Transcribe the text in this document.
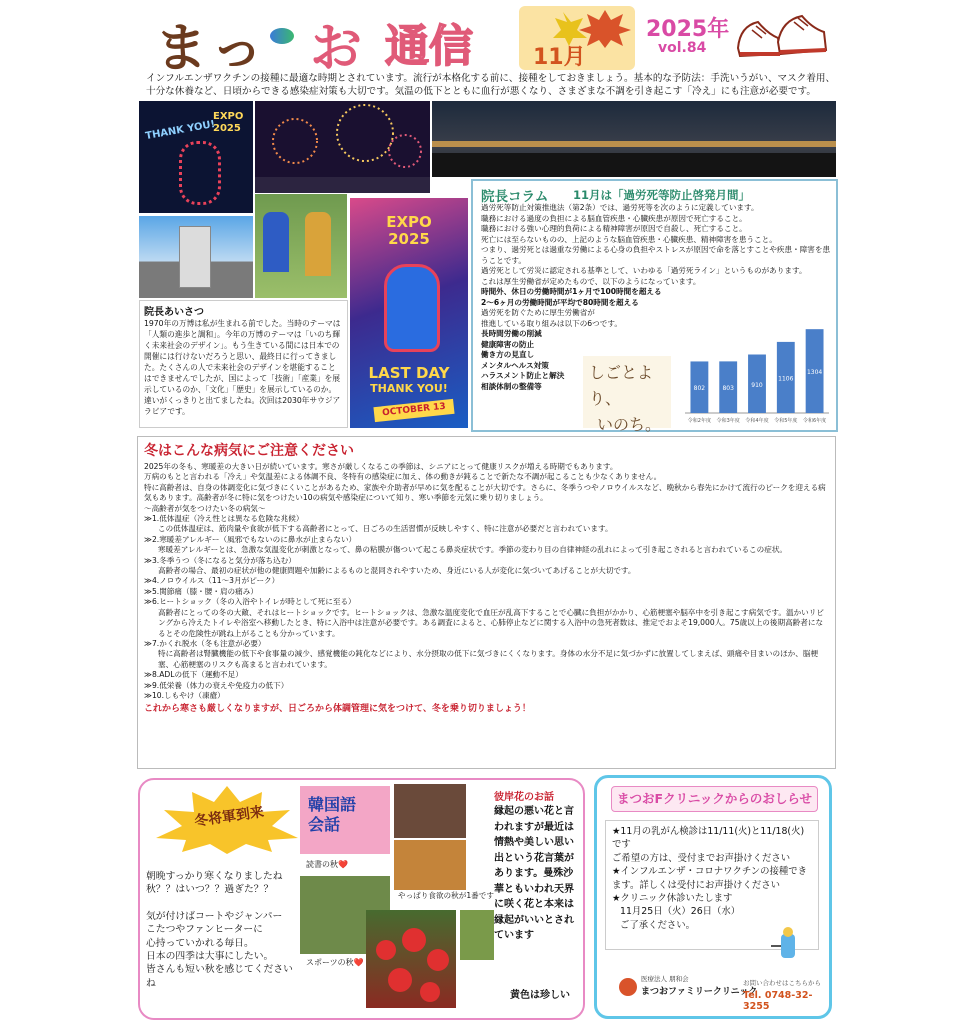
まっ お 通信	11月
2025年
vol.84
インフルエンザワクチンの接種に最適な時期とされています。流行が本格化する前に、接種をしておきましょう。基本的な予防法：手洗いうがい、マスク着用、十分な休養など、日頃からできる感染症対策も大切です。気温の低下とともに血行が悪くなり、さまざまな不調を引き起こす「冷え」にも注意が必要です。
THANK YOU!
EXPO 2025
EXPO
2025
LAST DAY
THANK YOU!
OCTOBER 13
院長コラム 11月は「過労死等防止啓発月間」
過労死等防止対策推進法（第2条）では、過労死等を次のように定義しています。
職務における過度の負担による脳血管疾患・心臓疾患が原因で死亡すること。
職務における強い心理的負荷による精神障害が原因で自殺し、死亡すること。
死亡には至らないものの、上記のような脳血管疾患・心臓疾患、精神障害を患うこと。
つまり、過労死とは過重な労働による心身の負担やストレスが原因で命を落とすことや疾患・障害を患うことです。
過労死として労災に認定される基準として、いわゆる「過労死ライン」というものがあります。
これは厚生労働省が定めたもので、以下のようになっています。
時間外、休日の労働時間が1ヶ月で100時間を超える
2〜6ヶ月の労働時間が平均で80時間を超える
過労死を防ぐために厚生労働省が
推進している取り組みは以下の6つです。
長時間労働の削減
健康障害の防止
働き方の見直し
メンタルヘルス対策
ハラスメント防止と解決
相談体制の整備等
しごとより、
いのち。
802
令和2年度
803
令和3年度
910
令和4年度
1106
令和5年度
1304
令和6年度
院長あいさつ
1970年の万博は私が生まれる前でした。当時のテーマは「人類の進歩と調和」。今年の万博のテーマは「いのち輝く未来社会のデザイン」。もう生きている間には日本での開催には行けないだろうと思い、最終日に行ってきました。たくさんの人で未来社会のデザインを堪能することはできませんでしたが、国によって「技術」「産業」を展示しているのか、「文化」「歴史」を展示しているのか。違いがくっきりと出てましたね。次回は2030年サウジアラビアです。
冬はこんな病気にご注意ください
2025年の冬も、寒暖差の大きい日が続いています。寒さが厳しくなるこの季節は、シニアにとって健康リスクが増える時期でもあります。
万病のもとと言われる「冷え」や気温差による体調不良、冬特有の感染症に加え、体の動きが鈍ることで新たな不調が起こることも少なくありません。
特に高齢者は、自身の体調変化に気づきにくいことがあるため、家族や介助者が早めに気を配ることが大切です。さらに、冬季うつやノロウイルスなど、晩秋から春先にかけて流行のピークを迎える病気もあります。高齢者が冬に特に気をつけたい10の病気や感染症について知り、寒い季節を元気に乗り切りましょう。
〜高齢者が気をつけたい冬の病気〜
≫1.低体温症（冷え性とは異なる危険な兆候）
この低体温症は、筋肉量や食欲が低下する高齢者にとって、日ごろの生活習慣が反映しやすく、特に注意が必要だと言われています。
≫2.寒暖差アレルギー（風邪でもないのに鼻水が止まらない）
寒暖差アレルギーとは、急激な気温変化が刺激となって、鼻の粘膜が傷ついて起こる鼻炎症状です。季節の変わり目の自律神経の乱れによって引き起こされると言われているこの症状。
≫3.冬季うつ（冬になると気分が落ち込む）
高齢者の場合、最初の症状が他の健康問題や加齢によるものと混同されやすいため、身近にいる人が変化に気づいてあげることが大切です。
≫4.ノロウイルス（11〜3月がピーク）
≫5.関節痛（膝・腰・肩の痛み）
≫6.ヒートショック（冬の入浴やトイレが時として死に至る）
高齢者にとっての冬の大敵、それはヒートショックです。ヒートショックは、急激な温度変化で血圧が乱高下することで心臓に負担がかかり、心筋梗塞や脳卒中を引き起こす病気です。温かいリビングから冷えたトイレや浴室へ移動したとき、特に入浴中は注意が必要です。ある調査によると、心肺停止などに関する入浴中の急死者数は、推定でおよそ19,000人。75歳以上の後期高齢者になるとその危険性が跳ね上がることも分かっています。
≫7.かくれ脱水（冬も注意が必要）
特に高齢者は腎臓機能の低下や食事量の減少、感覚機能の鈍化などにより、水分摂取の低下に気づきにくくなります。身体の水分不足に気づかずに放置してしまえば、頭痛や目まいのほか、脳梗塞、心筋梗塞のリスクも高まると言われています。
≫8.ADLの低下（運動不足）
≫9.低栄養（体力の衰えや免疫力の低下）
≫10.しもやけ（凍瘡）
これから寒さも厳しくなりますが、日ごろから体調管理に気をつけて、冬を乗り切りましょう！
冬将軍到来
朝晩すっかり寒くなりましたね
秋？？はいつ？？過ぎた？？
気が付けばコートやジャンパー
こたつやファンヒーターに
心持っていかれる毎日。
日本の四季は大事にしたい。
皆さんも短い秋を感じてくださいね
韓国語
会話
読書の秋❤️
スポーツの秋❤️
やっぱり食欲の秋が1番です
彼岸花のお話
縁起の悪い花と言われますが最近は情熱や美しい思い出という花言葉があります。曼殊沙華ともいわれ天界に咲く花と本来は縁起がいいとされています
黄色は珍しい
まつおFクリニックからのおしらせ
★11月の乳がん検診は11/11(火)と11/18(火)です
ご希望の方は、受付までお声掛けください
★インフルエンザ・コロナワクチンの接種できます。詳しくは受付にお声掛けください
★クリニック休診いたします
11月25日（火）26日（水）
ご了承ください。
医療法人 朋和会
まつおファミリークリニック
お問い合わせはこちらから
Tel. 0748-32-3255
